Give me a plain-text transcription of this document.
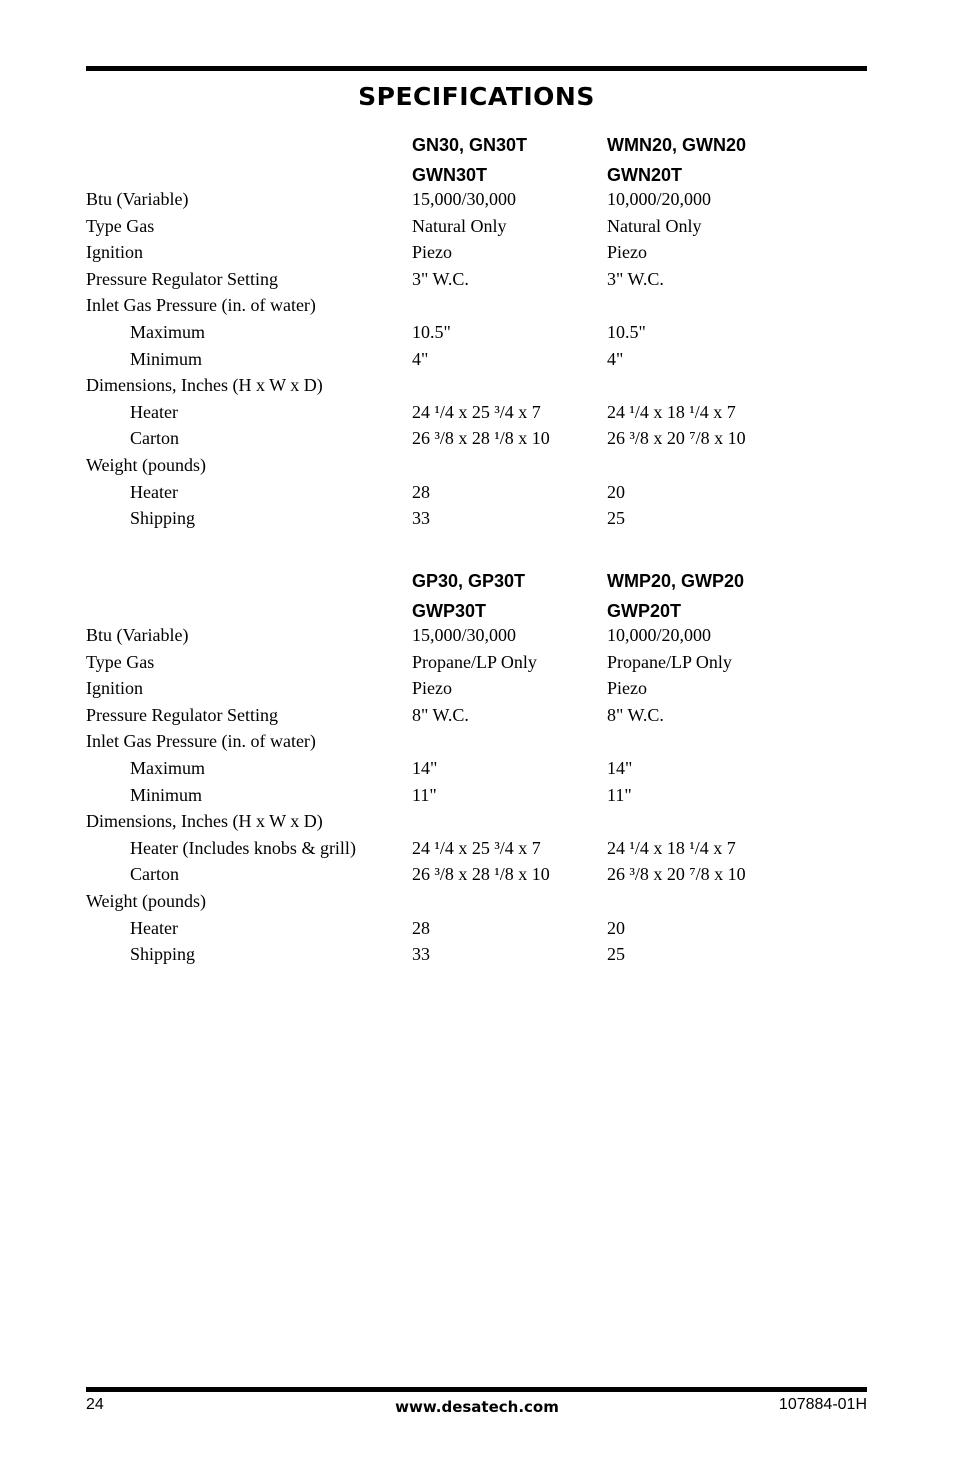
SPECIFICATIONS
GN30, GN30T	WMN20, GWN20
GWN30T	GWN20T
Btu (Variable)	15,000/30,000	10,000/20,000
Type Gas	Natural Only	Natural Only
Ignition	Piezo	Piezo
Pressure Regulator Setting	3" W.C.	3" W.C.
Inlet Gas Pressure (in. of water)
Maximum	10.5"	10.5"
Minimum	4"	4"
Dimensions, Inches (H x W x D)
Heater	24 ¹/4 x 25 ³/4 x 7	24 ¹/4 x 18 ¹/4 x 7
Carton	26 ³/8 x 28 ¹/8 x 10	26 ³/8 x 20 ⁷/8 x 10
Weight (pounds)
Heater	28	20
Shipping	33	25
GP30, GP30T	WMP20, GWP20
GWP30T	GWP20T
Btu (Variable)	15,000/30,000	10,000/20,000
Type Gas	Propane/LP Only	Propane/LP Only
Ignition	Piezo	Piezo
Pressure Regulator Setting	8" W.C.	8" W.C.
Inlet Gas Pressure (in. of water)
Maximum	14"	14"
Minimum	11"	11"
Dimensions, Inches (H x W x D)
Heater (Includes knobs & grill)	24 ¹/4 x 25 ³/4 x 7	24 ¹/4 x 18 ¹/4 x 7
Carton	26 ³/8 x 28 ¹/8 x 10	26 ³/8 x 20 ⁷/8 x 10
Weight (pounds)
Heater	28	20
Shipping	33	25
24	www.desatech.com	107884-01H
